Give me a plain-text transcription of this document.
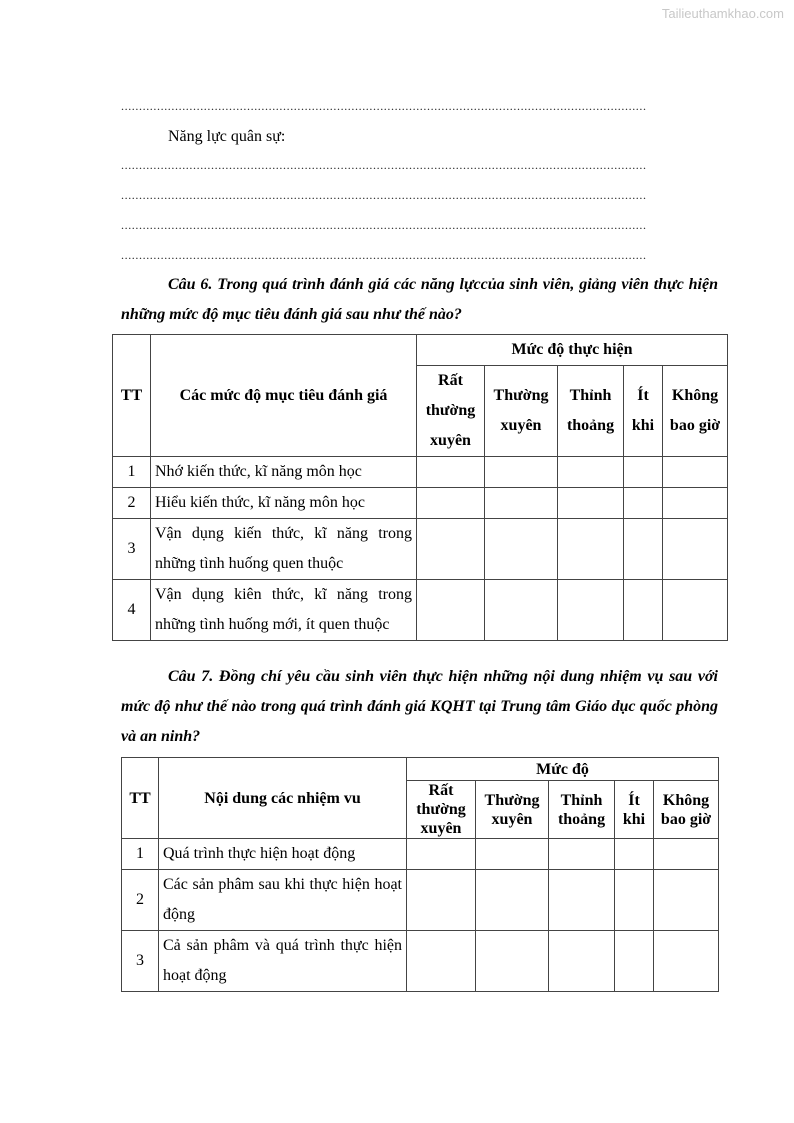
Tailieuthamkhao.com
..................................................................................................................................................
Năng lực quân sự:
..................................................................................................................................................
..................................................................................................................................................
..................................................................................................................................................
..................................................................................................................................................
Câu 6. Trong quá trình đánh giá các năng lựccủa sinh viên, giảng viên thực hiện những mức độ mục tiêu đánh giá sau như thế nào?
TT	Các mức độ mục tiêu đánh giá	Mức độ thực hiện				
		Rất thường xuyên	Thường xuyên	Thỉnh thoảng	Ít khi	Không bao giờ
1	Nhớ kiến thức, kĩ năng môn học					
2	Hiểu kiến thức, kĩ năng môn học					
3	Vận dụng kiến thức, kĩ năng trong những tình huống quen thuộc					
4	Vận dụng kiên thức, kĩ năng trong những tình huống mới, ít quen thuộc					
Câu 7. Đồng chí yêu cầu sinh viên thực hiện những nội dung nhiệm vụ sau với mức độ như thế nào trong quá trình đánh giá KQHT tại Trung tâm Giáo dục quốc phòng và an ninh?
TT	Nội dung các nhiệm vu	Mức độ				
		Rất thường xuyên	Thường xuyên	Thỉnh thoảng	Ít khi	Không bao giờ
1	Quá trình thực hiện hoạt động					
2	Các sản phâm sau khi thực hiện hoạt động					
3	Cả sản phâm và quá trình thực hiện hoạt động					
